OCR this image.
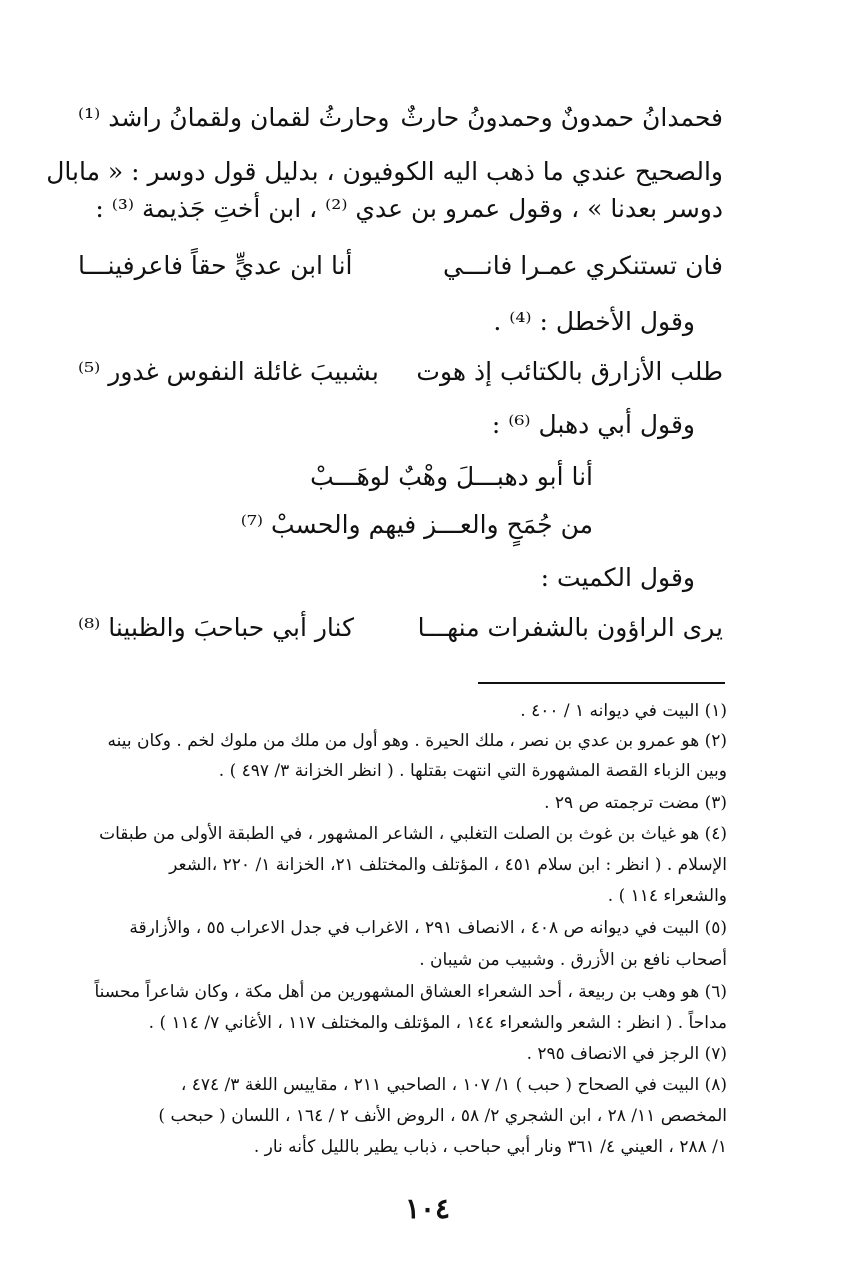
فحمدانُ حمدونٌ وحمدونُ حارثٌ
وحارثُ لقمان ولقمانُ راشد ⁽¹⁾
والصحيح عندي ما ذهب اليه الكوفيون ، بدليل قول دوسر : « مابال
دوسر بعدنا » ، وقول عمرو بن عدي ⁽²⁾ ، ابن أختِ جَذيمة ⁽³⁾ :
فان تستنكري عمـرا فانـــي
أنا ابن عديٍّ حقاً فاعرفينـــا
وقول الأخطل : ⁽⁴⁾ .
طلب الأزارق بالكتائب إذ هوت
بشبيبَ غائلة النفوس غدور ⁽⁵⁾
وقول أبي دهبل ⁽⁶⁾ :
أنا أبو دهبـــلَ وهْبٌ لوهَـــبْ
من جُمَحٍ والعـــز فيهم والحسبْ ⁽⁷⁾
وقول الكميت :
يرى الراؤون بالشفرات منهـــا
كنار أبي حباحبَ والظبينا ⁽⁸⁾
(١) البيت في ديوانه ١ / ٤٠٠ .
(٢) هو عمرو بن عدي بن نصر ، ملك الحيرة . وهو أول من ملك من ملوك لخم . وكان بينه
وبين الزباء القصة المشهورة التي انتهت بقتلها . ( انظر الخزانة ٣/ ٤٩٧ ) .
(٣) مضت ترجمته ص ٢٩ .
(٤) هو غياث بن غوث بن الصلت التغلبي ، الشاعر المشهور ، في الطبقة الأولى من طبقات
الإسلام . ( انظر : ابن سلام ٤٥١ ، المؤتلف والمختلف ٢١، الخزانة ١/ ٢٢٠ ،الشعر
والشعراء ١١٤ ) .
(٥) البيت في ديوانه ص ٤٠٨ ، الانصاف ٢٩١ ، الاغراب في جدل الاعراب ٥٥ ، والأزارقة
أصحاب نافع بن الأزرق . وشبيب من شيبان .
(٦) هو وهب بن ربيعة ، أحد الشعراء العشاق المشهورين من أهل مكة ، وكان شاعراً محسناً
مداحاً . ( انظر : الشعر والشعراء ١٤٤ ، المؤتلف والمختلف ١١٧ ، الأغاني ٧/ ١١٤ ) .
(٧) الرجز في الانصاف ٢٩٥ .
(٨) البيت في الصحاح ( حبب ) ١/ ١٠٧ ، الصاحبي ٢١١ ، مقاييس اللغة ٣/ ٤٧٤ ،
المخصص ١١/ ٢٨ ، ابن الشجري ٢/ ٥٨ ، الروض الأنف ٢ / ١٦٤ ، اللسان ( حبحب )
١/ ٢٨٨ ، العيني ٤/ ٣٦١ ونار أبي حباحب ، ذباب يطير بالليل كأنه نار .
١٠٤
